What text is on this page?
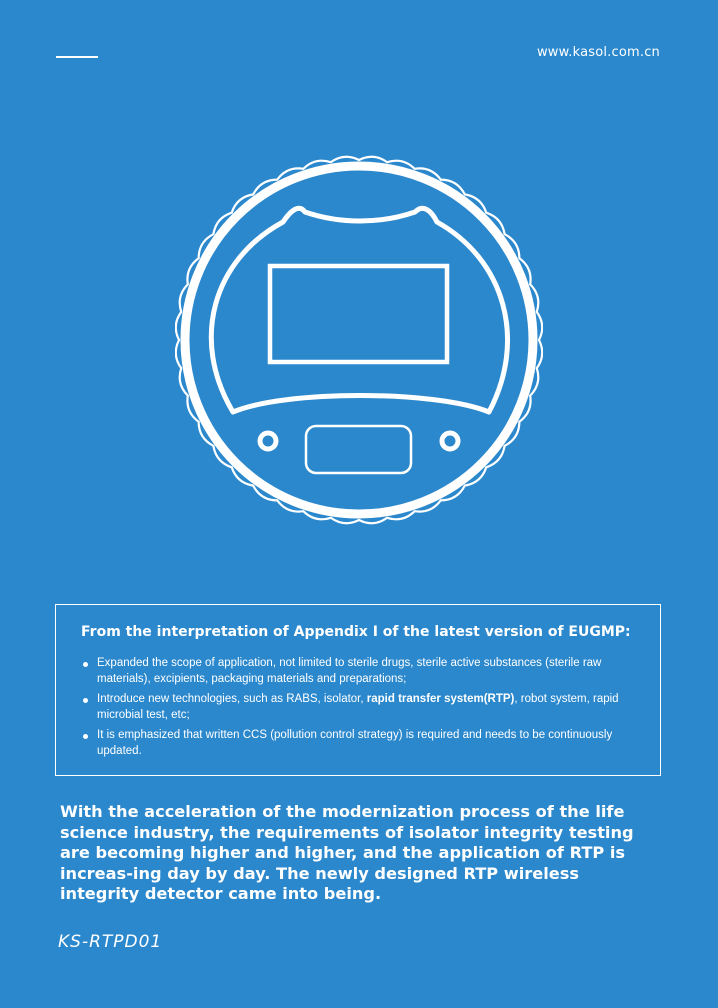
www.kasol.com.cn
From the interpretation of Appendix I of the latest version of EUGMP:
Expanded the scope of application, not limited to sterile drugs, sterile active substances (sterile raw materials), excipients, packaging materials and preparations;
Introduce new technologies, such as RABS, isolator, rapid transfer system(RTP), robot system, rapid microbial test, etc;
It is emphasized that written CCS (pollution control strategy) is required and needs to be continuously updated.

With the acceleration of the modernization process of the life science industry, the requirements of isolator integrity testing are becoming higher and higher, and the application of RTP is increas-ing day by day. The newly designed RTP wireless integrity detector came into being.

KS-RTPD01
